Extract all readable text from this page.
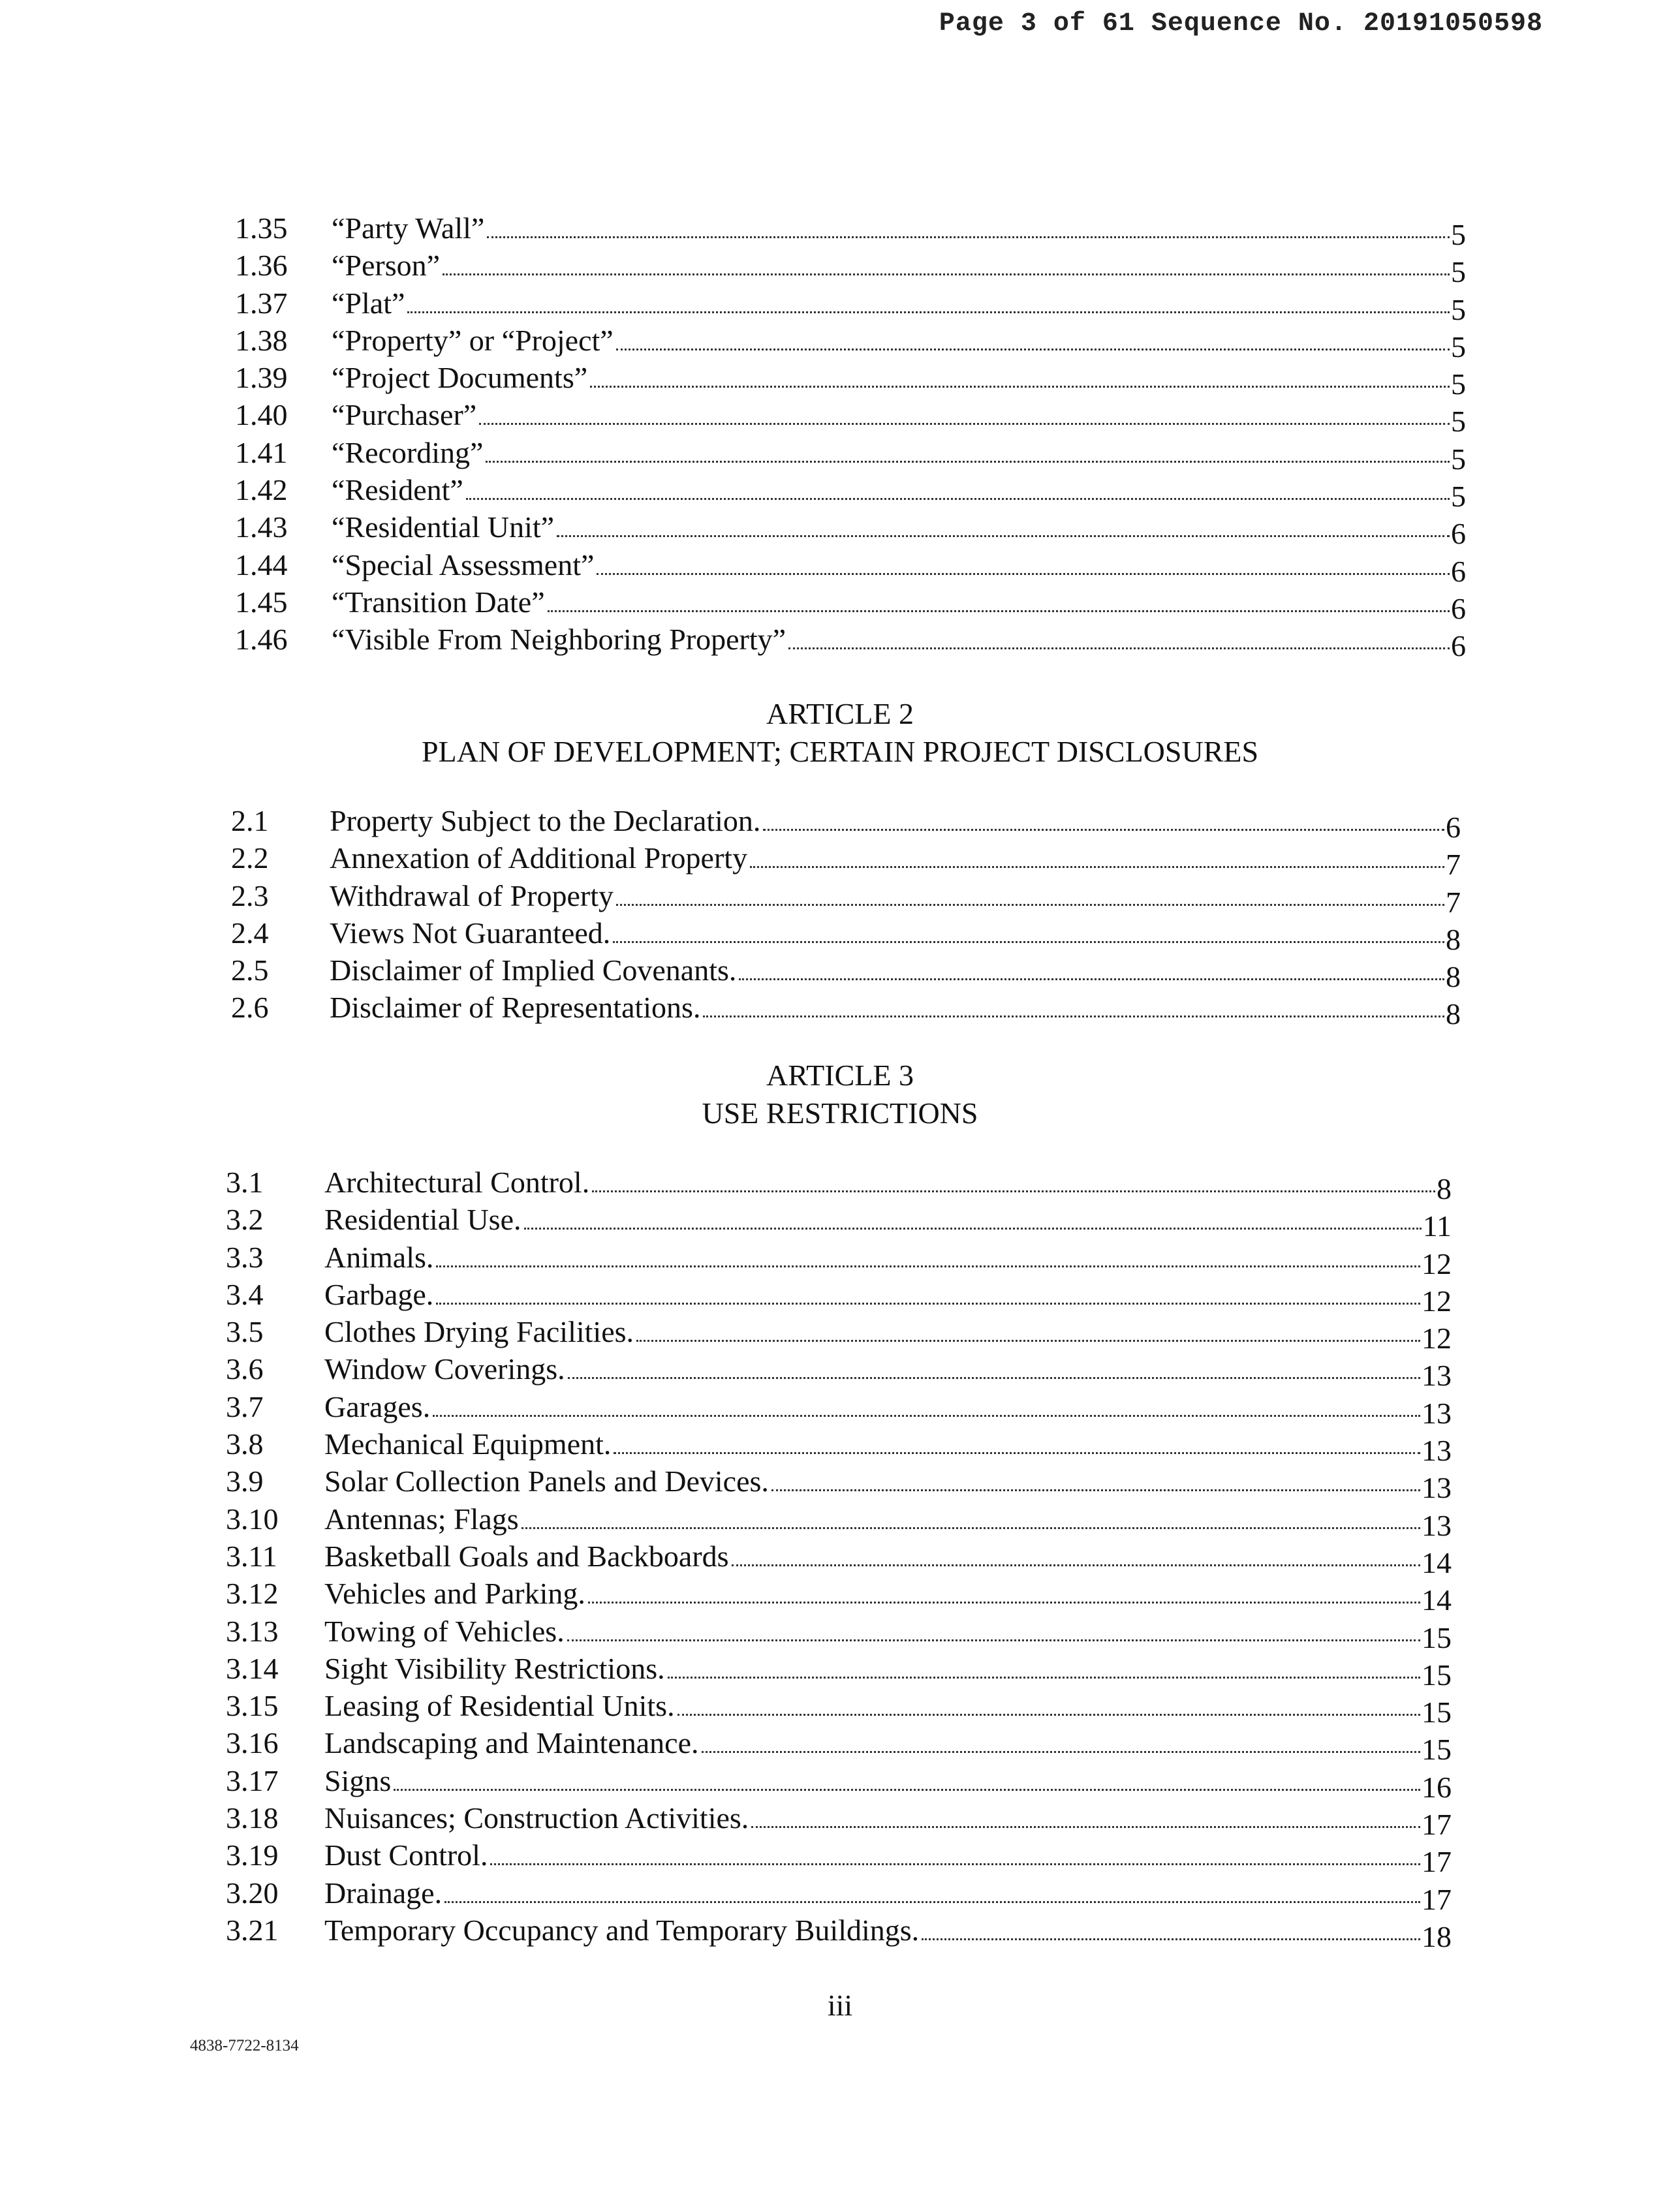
Page 3 of 61 Sequence No. 20191050598
1.35 “Party Wall”	5
1.36 “Person”	5
1.37 “Plat”	5
1.38 “Property” or “Project”	5
1.39 “Project Documents”	5
1.40 “Purchaser”	5
1.41 “Recording”	5
1.42 “Resident”	5
1.43 “Residential Unit”	6
1.44 “Special Assessment”	6
1.45 “Transition Date”	6
1.46 “Visible From Neighboring Property”	6
ARTICLE 2
PLAN OF DEVELOPMENT; CERTAIN PROJECT DISCLOSURES
2.1 Property Subject to the Declaration.	6
2.2 Annexation of Additional Property	7
2.3 Withdrawal of Property	7
2.4 Views Not Guaranteed.	8
2.5 Disclaimer of Implied Covenants.	8
2.6 Disclaimer of Representations.	8
ARTICLE 3
USE RESTRICTIONS
3.1 Architectural Control.	8
3.2 Residential Use.	11
3.3 Animals.	12
3.4 Garbage.	12
3.5 Clothes Drying Facilities.	12
3.6 Window Coverings.	13
3.7 Garages.	13
3.8 Mechanical Equipment.	13
3.9 Solar Collection Panels and Devices.	13
3.10 Antennas; Flags	13
3.11 Basketball Goals and Backboards	14
3.12 Vehicles and Parking.	14
3.13 Towing of Vehicles.	15
3.14 Sight Visibility Restrictions.	15
3.15 Leasing of Residential Units.	15
3.16 Landscaping and Maintenance.	15
3.17 Signs	16
3.18 Nuisances; Construction Activities.	17
3.19 Dust Control.	17
3.20 Drainage.	17
3.21 Temporary Occupancy and Temporary Buildings.	18
iii
4838-7722-8134
